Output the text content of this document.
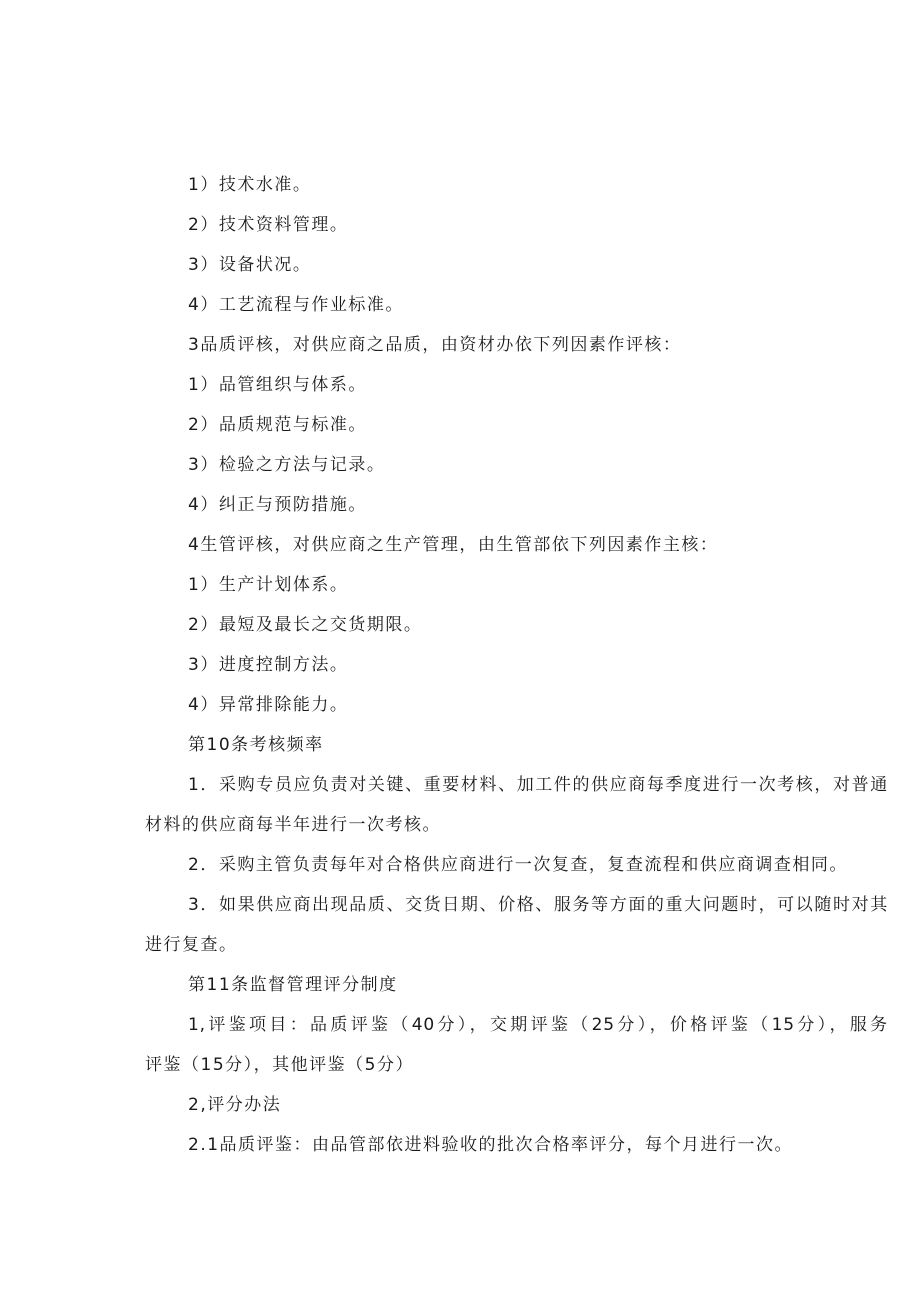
1）技术水准。
2）技术资料管理。
3）设备状况。
4）工艺流程与作业标准。
3品质评核，对供应商之品质，由资材办依下列因素作评核：
1）品管组织与体系。
2）品质规范与标准。
3）检验之方法与记录。
4）纠正与预防措施。
4生管评核，对供应商之生产管理，由生管部依下列因素作主核：
1）生产计划体系。
2）最短及最长之交货期限。
3）进度控制方法。
4）异常排除能力。
第10条考核频率
1．采购专员应负责对关键、重要材料、加工件的供应商每季度进行一次考核，对普通
材料的供应商每半年进行一次考核。
2．采购主管负责每年对合格供应商进行一次复查，复查流程和供应商调查相同。
3．如果供应商出现品质、交货日期、价格、服务等方面的重大问题时，可以随时对其
进行复查。
第11条监督管理评分制度
1,评鉴项目：品质评鉴（40分），交期评鉴（25分），价格评鉴（15分），服务
评鉴（15分），其他评鉴（5分）
2,评分办法
2.1品质评鉴：由品管部依进料验收的批次合格率评分，每个月进行一次。
